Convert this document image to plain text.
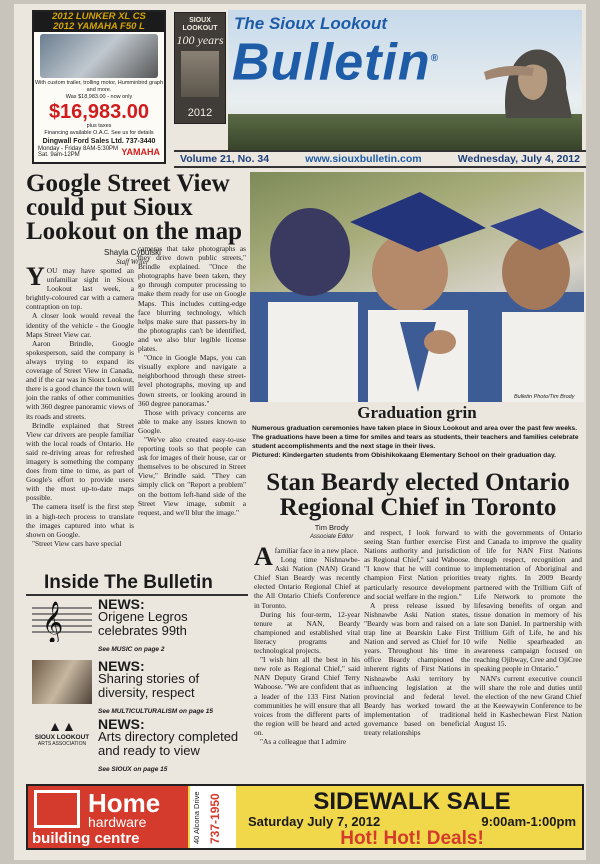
2012 LUNKER XL CS
2012 YAMAHA F50 L
With custom trailer, trolling motor, Humminbird graph and more.
Was $18,983.00 - now only
$16,983.00
plus taxes
Financing available O.A.C. See us for details
Dingwall Ford Sales Ltd. 737-3440
Monday - Friday 8AM-5:30PM
Sat. 9am-12PM	YAMAHA
SIOUX LOOKOUT
100 years
2012
The Sioux Lookout
Bulletin®
Volume 21, No. 34	www.siouxbulletin.com	Wednesday, July 4, 2012
Google Street View could put Sioux Lookout on the map
Shayla Cybulski
Staff Writer
Y OU may have spotted an unfamiliar sight in Sioux Lookout last week, a brightly-coloured car with a camera contraption on top.

A closer look would reveal the identity of the vehicle - the Google Maps Street View car.

Aaron Brindle, Google spokesperson, said the company is always trying to expand its coverage of Street View in Canada, and if the car was in Sioux Lookout, there is a good chance the town will join the ranks of other communities with 360 degree panoramic views of its roads and streets.

Brindle explained that Street View car drivers are people familiar with the local roads of Ontario. He said re-driving areas for refreshed imagery is something the company does from time to time, as part of Google's effort to provide users with the most up-to-date maps possible.

The camera itself is the first step in a high-tech process to translate the images captured into what is shown on Google.

"Street View cars have special

cameras that take photographs as they drive down public streets," Brindle explained. "Once the photographs have been taken, they go through computer processing to make them ready for use on Google Maps. This includes cutting-edge face blurring technology, which helps make sure that passers-by in the photographs can't be identified, and we also blur legible license plates.

"Once in Google Maps, you can visually explore and navigate a neighborhood through these street-level photographs, moving up and down streets, or looking around in 360 degree panoramas."

Those with privacy concerns are able to make any issues known to Google.

"We've also created easy-to-use reporting tools so that people can ask for images of their house, car or themselves to be obscured in Street View," Brindle said. "They can simply click on "Report a problem" on the bottom left-hand side of the Street View image, submit a request, and we'll blur the image."

Bulletin Photo/Tim Brody
Graduation grin
Numerous graduation ceremonies have taken place in Sioux Lookout and area over the past few weeks.
The graduations have been a time for smiles and tears as students, their teachers and families celebrate student accomplishments and the next stage in their lives.
Pictured: Kindergarten students from Obishikokaang Elementary School on their graduation day.
Stan Beardy elected Ontario Regional Chief in Toronto
Tim Brody
Associate Editor
A familiar face in a new place.

Long time Nishnawbe-Aski Nation (NAN) Grand Chief Stan Beardy was recently elected Ontario Regional Chief at the All Ontario Chiefs Conference in Toronto.

During his four-term, 12-year tenure at NAN, Beardy championed and established vital literacy programs and technological projects.

"I wish him all the best in his new role as Regional Chief," said NAN Deputy Grand Chief Terry Waboose. "We are confident that as a leader of the 133 First Nation communities he will ensure that all voices from the different parts of the region will be heard and acted on.

"As a colleague that I admire

and respect, I look forward to seeing Stan further exercise First Nations authority and jurisdiction as Regional Chief," said Waboose. "I know that he will continue to champion First Nation priorities particularly resource development and social welfare in the region."

A press release issued by Nishnawbe Aski Nation states, "Beardy was born and raised on a trap line at Bearskin Lake First Nation and served as Chief for 10 years. Throughout his time in office Beardy championed the inherent rights of First Nations in Nishnawbe Aski territory by influencing legislation at the provincial and federal level. Beardy has worked toward the implementation of traditional governance based on beneficial treaty relationships

with the governments of Ontario and Canada to improve the quality of life for NAN First Nations through respect, recognition and implementation of Aboriginal and treaty rights. In 2009 Beardy partnered with the Trillium Gift of Life Network to promote the lifesaving benefits of organ and tissue donation in memory of his late son Daniel. In partnership with Trillium Gift of Life, he and his wife Nellie spearheaded an awareness campaign focused on reaching Ojibway, Cree and OjiCree speaking people in Ontario."

NAN's current executive council will share the role and duties until the election of the new Grand Chief at the Keewaywin Conference to be held in Kashechewan First Nation August 15.

Inside The Bulletin
𝄞 NEWS:
Origene Legros celebrates 99th
See MUSIC on page 2
NEWS:
Sharing stories of diversity, respect
See MULTICULTURALISM on page 15
▲▲
SIOUX LOOKOUT
ARTS ASSOCIATION
NEWS:
Arts directory completed and ready to view
See SIOUX on page 15
Home
hardware
building centre	40 Alcona Drive 737-1950	SIDEWALK SALE
Saturday July 7, 2012	9:00am-1:00pm
Hot! Hot! Deals!
